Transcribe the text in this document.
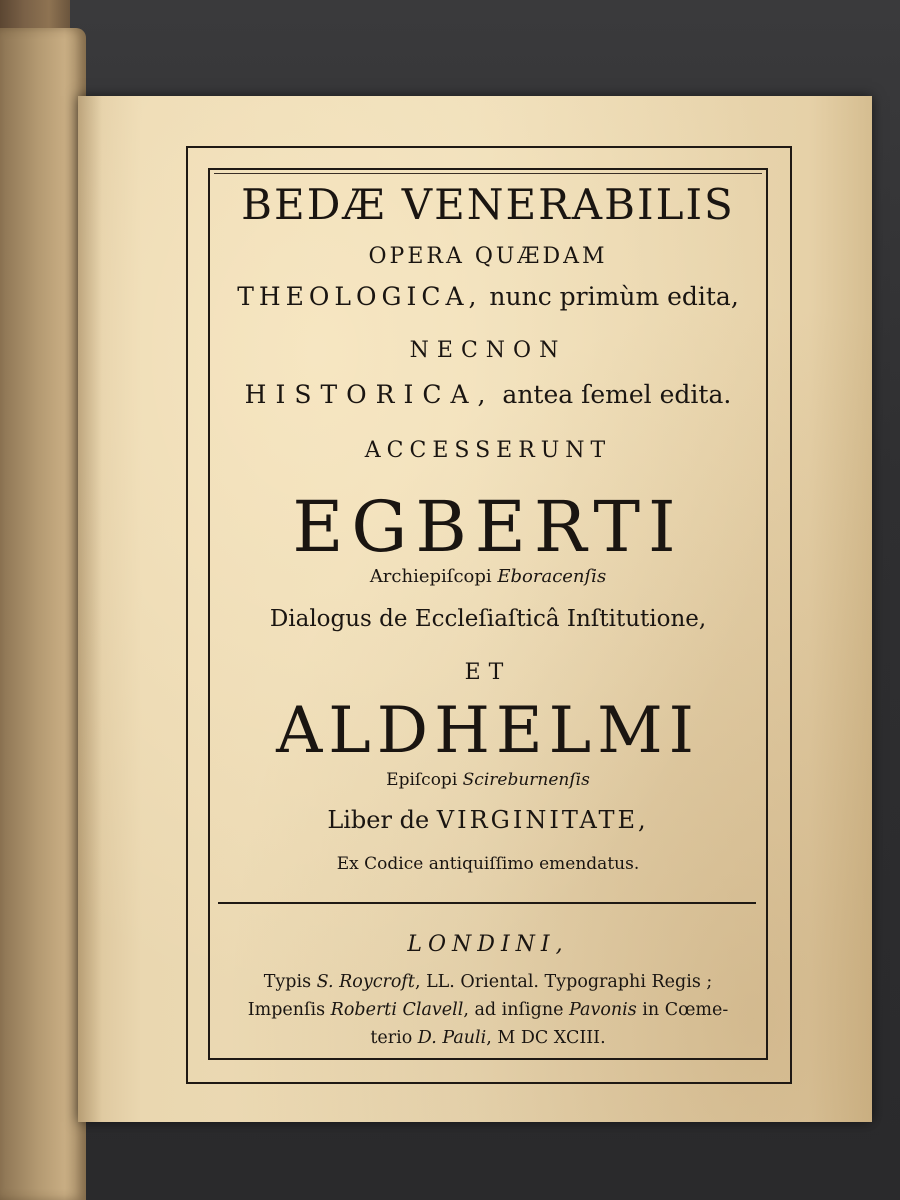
BEDÆ VENERABILIS
OPERA QUÆDAM
THEOLOGICA, nunc primùm edita,
NECNON
HISTORICA, antea ſemel edita.
ACCESSERUNT
EGBERTI
Archiepiſcopi Eboracenſis
Dialogus de Eccleſiaſticâ Inſtitutione,
ET
ALDHELMI
Epiſcopi Scireburnenſis
Liber de VIRGINITATE,
Ex Codice antiquiſſimo emendatus.
LONDINI,
Typis S. Roycroft, LL. Oriental. Typographi Regis ;
Impenſis Roberti Clavell, ad inſigne Pavonis in Cœme-
terio D. Pauli, M DC XCIII.
